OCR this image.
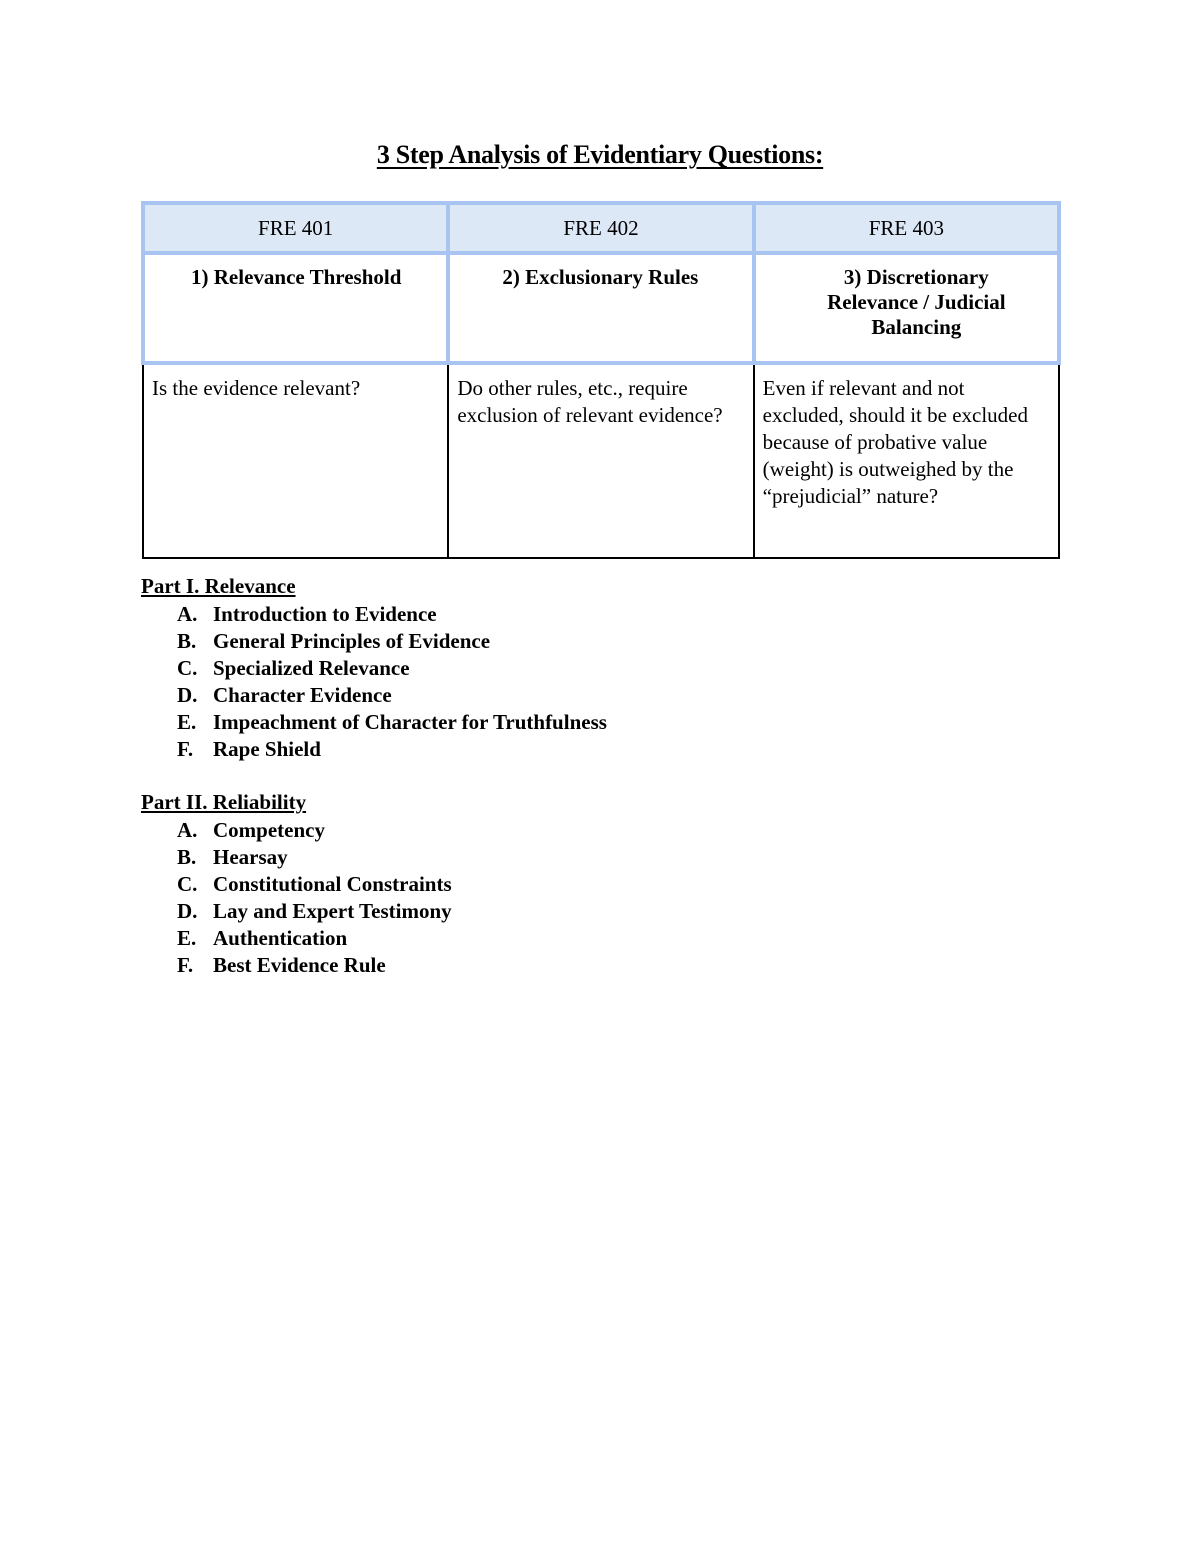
3 Step Analysis of Evidentiary Questions:
FRE 401	FRE 402	FRE 403

1) Relevance Threshold	2) Exclusionary Rules	3) Discretionary Relevance / Judicial Balancing

Is the evidence relevant?	Do other rules, etc., require exclusion of relevant evidence?	Even if relevant and not excluded, should it be excluded because of probative value (weight) is outweighed by the “prejudicial” nature?
Part I. Relevance
A. Introduction to Evidence
B. General Principles of Evidence
C. Specialized Relevance
D. Character Evidence
E. Impeachment of Character for Truthfulness
F. Rape Shield
Part II. Reliability
A. Competency
B. Hearsay
C. Constitutional Constraints
D. Lay and Expert Testimony
E. Authentication
F. Best Evidence Rule
